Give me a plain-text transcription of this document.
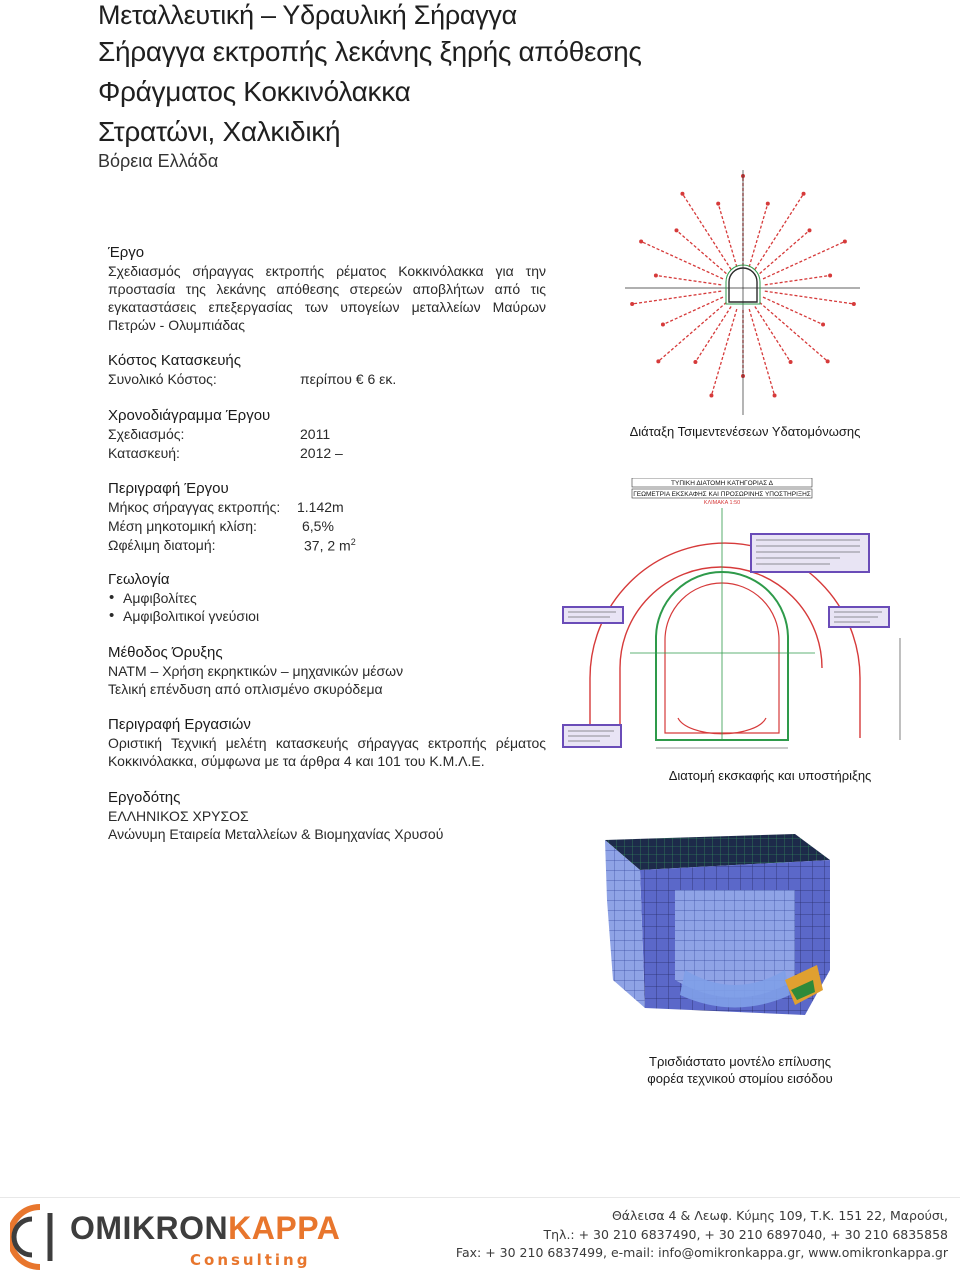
Μεταλλευτική – Υδραυλική Σήραγγα
Σήραγγα εκτροπής λεκάνης ξηρής απόθεσης
Φράγματος Κοκκινόλακκα
Στρατώνι, Χαλκιδική
Βόρεια Ελλάδα
Έργο
Σχεδιασμός σήραγγας εκτροπής ρέματος Κοκκινόλακκα για την
προστασία της λεκάνης απόθεσης στερεών αποβλήτων από τις
εγκαταστάσεις επεξεργασίας των υπογείων μεταλλείων Μαύρων
Πετρών - Ολυμπιάδας
Κόστος Κατασκευής
Συνολικό Κόστος:	περίπου € 6 εκ.
Χρονοδιάγραμμα Έργου
Σχεδιασμός:	2011
Κατασκευή:	2012 –
Περιγραφή Έργου
Μήκος σήραγγας εκτροπής: 1.142m
Μέση μηκοτομική κλίση:	6,5%
Ωφέλιμη διατομή:	37, 2 $m^2$
Γεωλογία
• Αμφιβολίτες
• Αμφιβολιτικοί γνεύσιοι
Μέθοδος Όρυξης
NATM – Χρήση εκρηκτικών – μηχανικών μέσων
Τελική επένδυση από οπλισμένο σκυρόδεμα
Περιγραφή Εργασιών
Οριστική Τεχνική μελέτη κατασκευής σήραγγας εκτροπής ρέματος
Κοκκινόλακκα, σύμφωνα με τα άρθρα 4 και 101 του Κ.Μ.Λ.Ε.
Εργοδότης
ΕΛΛΗΝΙΚΟΣ ΧΡΥΣΟΣ
Ανώνυμη Εταιρεία Μεταλλείων & Βιομηχανίας Χρυσού
Διάταξη Τσιμεντενέσεων Υδατομόνωσης
ΤΥΠΙΚΗ ΔΙΑΤΟΜΗ ΚΑΤΗΓΟΡΙΑΣ Δ
ΓΕΩΜΕΤΡΙΑ ΕΚΣΚΑΦΗΣ ΚΑΙ ΠΡΟΣΩΡΙΝΗΣ ΥΠΟΣΤΗΡΙΞΗΣ
ΚΛΙΜΑΚΑ 1:50
Διατομή εκσκαφής και υποστήριξης
Τρισδιάστατο μοντέλο επίλυσης
φορέα τεχνικού στομίου εισόδου
OMIKRONKAPPA
Consulting
Θάλεισα 4 & Λεωφ. Κύμης 109, Τ.Κ. 151 22, Μαρούσι,
Τηλ.: + 30 210 6837490, + 30 210 6897040, + 30 210 6835858
Fax: + 30 210 6837499, e-mail: info@omikronkappa.gr, www.omikronkappa.gr
